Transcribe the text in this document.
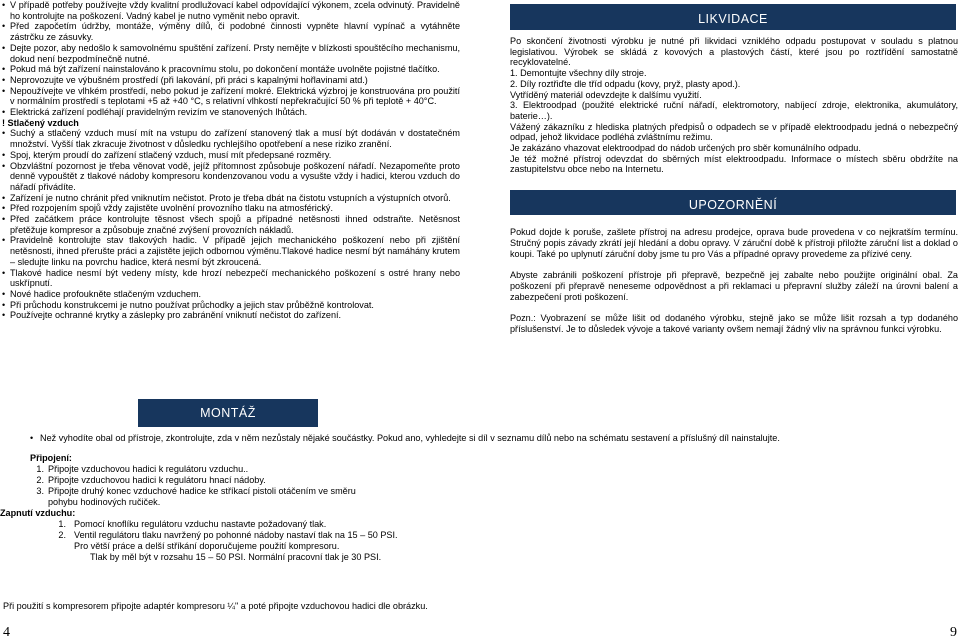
• V případě potřeby používejte vždy kvalitní prodlužovací kabel odpovídající výkonem, zcela odvinutý. Pravidelně ho kontrolujte na poškození. Vadný kabel je nutno vyměnit nebo opravit.
• Před započetím údržby, montáže, výměny dílů, či podobné činnosti vypněte hlavní vypínač a vytáhněte zástrčku ze zásuvky.
• Dejte pozor, aby nedošlo k samovolnému spuštění zařízení. Prsty nemějte v blízkosti spouštěcího mechanismu, dokud není bezpodmínečně nutné.
• Pokud má být zařízení nainstalováno k pracovnímu stolu, po dokončení montáže uvolněte pojistné tlačítko.
• Neprovozujte ve výbušném prostředí (při lakování, při práci s kapalnými hořlavinami atd.)
• Nepoužívejte ve vlhkém prostředí, nebo pokud je zařízení mokré. Elektrická výzbroj je konstruována pro použití v normálním prostředí s teplotami +5 až +40 °C, s relativní vlhkostí nepřekračující 50 % při teplotě + 40°C.
• Elektrická zařízení podléhají pravidelným revizím ve stanovených lhůtách.
! Stlačený vzduch
• Suchý a stlačený vzduch musí mít na vstupu do zařízení stanovený tlak a musí být dodáván v dostatečném množství. Vyšší tlak zkracuje životnost v důsledku rychlejšího opotřebení a nese riziko zranění.
• Spoj, kterým proudí do zařízení stlačený vzduch, musí mít předepsané rozměry.
• Obzvláštní pozornost je třeba věnovat vodě, jejíž přítomnost způsobuje poškození nářadí. Nezapomeňte proto denně vypouštět z tlakové nádoby kompresoru kondenzovanou vodu a vysušte vždy i hadici, kterou vzduch do nářadí přivádíte.
• Zařízení je nutno chránit před vniknutím nečistot. Proto je třeba dbát na čistotu vstupních a výstupních otvorů.
• Před rozpojením spojů vždy zajistěte uvolnění provozního tlaku na atmosférický.
• Před začátkem práce kontrolujte těsnost všech spojů a případné netěsnosti ihned odstraňte. Netěsnost přetěžuje kompresor a způsobuje značné zvýšení provozních nákladů.
• Pravidelně kontrolujte stav tlakových hadic. V případě jejich mechanického poškození nebo při zjištění netěsnosti, ihned přerušte práci a zajistěte jejich odbornou výměnu.Tlakové hadice nesmí být namáhány krutem – sledujte linku na povrchu hadice, která nesmí být zkroucená.
• Tlakové hadice nesmí být vedeny místy, kde hrozí nebezpečí mechanického poškození s ostré hrany nebo uskřípnutí.
• Nové hadice profoukněte stlačeným vzduchem.
• Při průchodu konstrukcemi je nutno používat průchodky a jejich stav průběžně kontrolovat.
• Používejte ochranné krytky a záslepky pro zabránění vniknutí nečistot do zařízení.
LIKVIDACE
Po skončení životnosti výrobku je nutné při likvidaci vzniklého odpadu postupovat v souladu s platnou legislativou. Výrobek se skládá z kovových a plastových částí, které jsou po roztřídění samostatně recyklovatelné.
1. Demontujte všechny díly stroje.
2. Díly roztřiďte dle tříd odpadu (kovy, pryž, plasty apod.).
Vytříděný materiál odevzdejte k dalšímu využití.
3. Elektroodpad (použité elektrické ruční nářadí, elektromotory, nabíjecí zdroje, elektronika, akumulátory, baterie…).
Vážený zákazníku z hlediska platných předpisů o odpadech se v případě elektroodpadu jedná o nebezpečný odpad, jehož likvidace podléhá zvláštnímu režimu.
Je zakázáno vhazovat elektroodpad do nádob určených pro sběr komunálního odpadu.
Je též možné přístroj odevzdat do sběrných míst elektroodpadu. Informace o místech sběru obdržíte na zastupitelstvu obce nebo na Internetu.
UPOZORNĚNÍ
Pokud dojde k poruše, zašlete přístroj na adresu prodejce, oprava bude provedena v co nejkratším termínu. Stručný popis závady zkrátí její hledání a dobu opravy. V záruční době k přístroji přiložte záruční list a doklad o koupi. Také po uplynutí záruční doby jsme tu pro Vás a případné opravy provedeme za přízivé ceny.
Abyste zabránili poškození přístroje při přepravě, bezpečně jej zabalte nebo použijte originální obal. Za poškození při přepravě neneseme odpovědnost a při reklamaci u přepravní služby záleží na úrovni balení a zabezpečení proti poškození.
Pozn.: Vyobrazení se může lišit od dodaného výrobku, stejně jako se může lišit rozsah a typ dodaného příslušenství. Je to důsledek vývoje a takové varianty ovšem nemají žádný vliv na správnou funkci výrobku.
MONTÁŽ
• Než vyhodíte obal od přístroje, zkontrolujte, zda v něm nezůstaly nějaké součástky. Pokud ano, vyhledejte si díl v seznamu dílů nebo na schématu sestavení a příslušný díl nainstalujte.
Připojení:
1. Připojte vzduchovou hadici k regulátoru vzduchu..
2. Připojte vzduchovou hadici k regulátoru hnací nádoby.
3. Připojte druhý konec vzduchové hadice ke stříkací pistoli otáčením ve směru pohybu hodinových ručiček.
Zapnutí vzduchu:
1. Pomocí knoflíku regulátoru vzduchu nastavte požadovaný tlak.
2. Ventil regulátoru tlaku navržený po pohonné nádoby nastaví tlak na 15 – 50 PSI.
Pro větší práce a delší stříkání doporučujeme použití kompresoru.
Tlak by měl být v rozsahu 15 – 50 PSI. Normální pracovní tlak je 30 PSI.
Při použití s kompresorem připojte adaptér kompresoru ¼" a poté připojte vzduchovou hadici dle obrázku.
4	9
